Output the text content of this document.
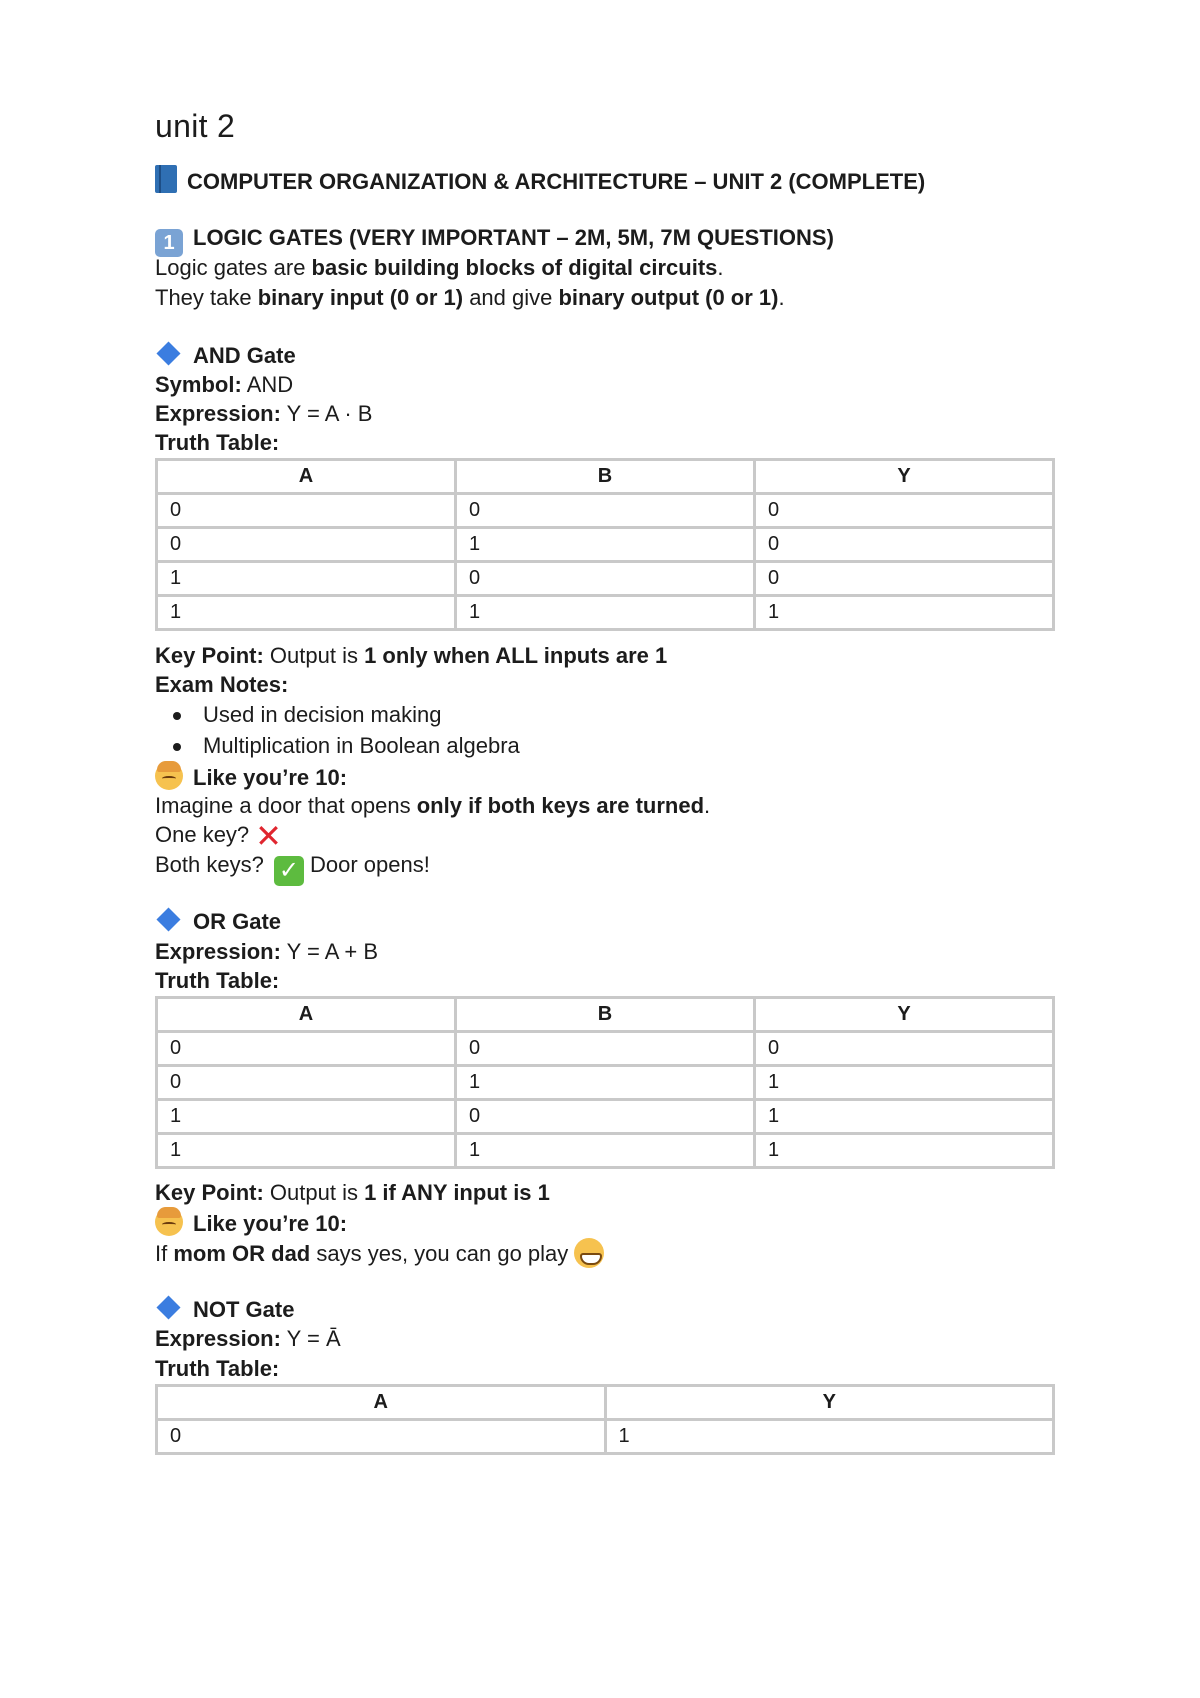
unit 2
COMPUTER ORGANIZATION & ARCHITECTURE – UNIT 2 (COMPLETE)
1 LOGIC GATES (VERY IMPORTANT – 2M, 5M, 7M QUESTIONS)
Logic gates are basic building blocks of digital circuits.
They take binary input (0 or 1) and give binary output (0 or 1).
AND Gate
Symbol: AND
Expression: Y = A · B
Truth Table:
A	B	Y
0	0	0
0	1	0
1	0	0
1	1	1
Key Point: Output is 1 only when ALL inputs are 1
Exam Notes:
Used in decision making
Multiplication in Boolean algebra
Like you’re 10:
Imagine a door that opens only if both keys are turned.
One key? ✕
Both keys? ✓ Door opens!
OR Gate
Expression: Y = A + B
Truth Table:
A	B	Y
0	0	0
0	1	1
1	0	1
1	1	1
Key Point: Output is 1 if ANY input is 1
Like you’re 10:
If mom OR dad says yes, you can go play
NOT Gate
Expression: Y = Ā
Truth Table:
A	Y
0	1
